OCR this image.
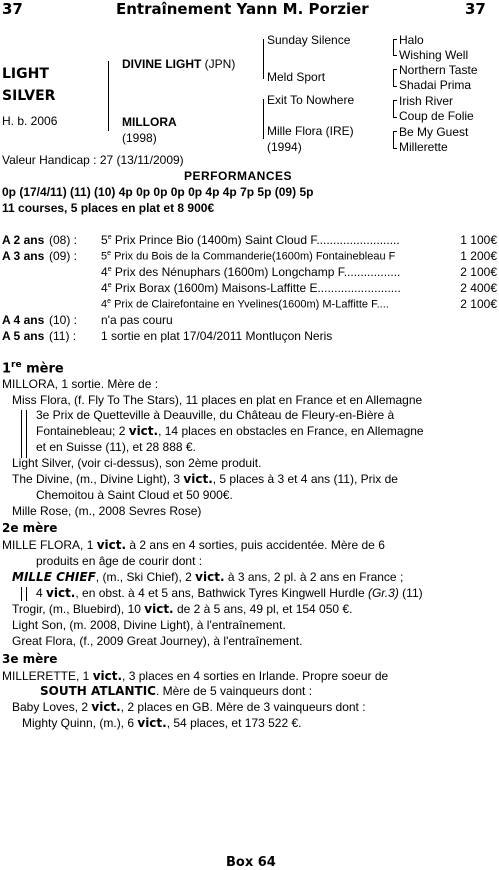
37	Entraînement Yann M. Porzier	37
LIGHT
SILVER
H. b. 2006
DIVINE LIGHT (JPN)
MILLORA
(1998)
Sunday Silence
Meld Sport
Exit To Nowhere
Mille Flora (IRE)
(1994)
Halo
Wishing Well
Northern Taste
Shadai Prima
Irish River
Coup de Folie
Be My Guest
Millerette
Valeur Handicap : 27 (13/11/2009)
PERFORMANCES
0p (17/4/11) (11) (10) 4p 0p 0p 0p 0p 4p 4p 7p 5p (09) 5p
11 courses, 5 places en plat et 8 900€
A 2 ans (08) : 5e Prix Prince Bio (1400m) Saint Cloud F.........................	1 100€
A 3 ans (09) : 5e Prix du Bois de la Commanderie(1600m) Fontainebleau F	1 200€
4e Prix des Nénuphars (1600m) Longchamp F.................	2 100€
4e Prix Borax (1600m) Maisons-Laffitte E.........................	2 400€
4e Prix de Clairefontaine en Yvelines(1600m) M-Laffitte F....	2 100€
A 4 ans (10) : n'a pas couru
A 5 ans (11) : 1 sortie en plat 17/04/2011 Montluçon Neris
1re mère
MILLORA, 1 sortie. Mère de :
Miss Flora, (f. Fly To The Stars), 11 places en plat en France et en Allemagne
3e Prix de Quetteville à Deauville, du Château de Fleury-en-Bière à
Fontainebleau; 2 vict., 14 places en obstacles en France, en Allemagne
et en Suisse (11), et 28 888 €.
Light Silver, (voir ci-dessus), son 2ème produit.
The Divine, (m., Divine Light), 3 vict., 5 places à 3 et 4 ans (11), Prix de
Chemoitou à Saint Cloud et 50 900€.
Mille Rose, (m., 2008 Sevres Rose)
2e mère
MILLE FLORA, 1 vict. à 2 ans en 4 sorties, puis accidentée. Mère de 6
produits en âge de courir dont :
MILLE CHIEF, (m., Ski Chief), 2 vict. à 3 ans, 2 pl. à 2 ans en France ;
4 vict., en obst. à 4 et 5 ans, Bathwick Tyres Kingwell Hurdle (Gr.3) (11)
Trogir, (m., Bluebird), 10 vict. de 2 à 5 ans, 49 pl, et 154 050 €.
Light Son, (m. 2008, Divine Light), à l'entraînement.
Great Flora, (f., 2009 Great Journey), à l'entraînement.
3e mère
MILLERETTE, 1 vict., 3 places en 4 sorties en Irlande. Propre soeur de
SOUTH ATLANTIC. Mère de 5 vainqueurs dont :
Baby Loves, 2 vict., 2 places en GB. Mère de 3 vainqueurs dont :
Mighty Quinn, (m.), 6 vict., 54 places, et 173 522 €.
Box 64
